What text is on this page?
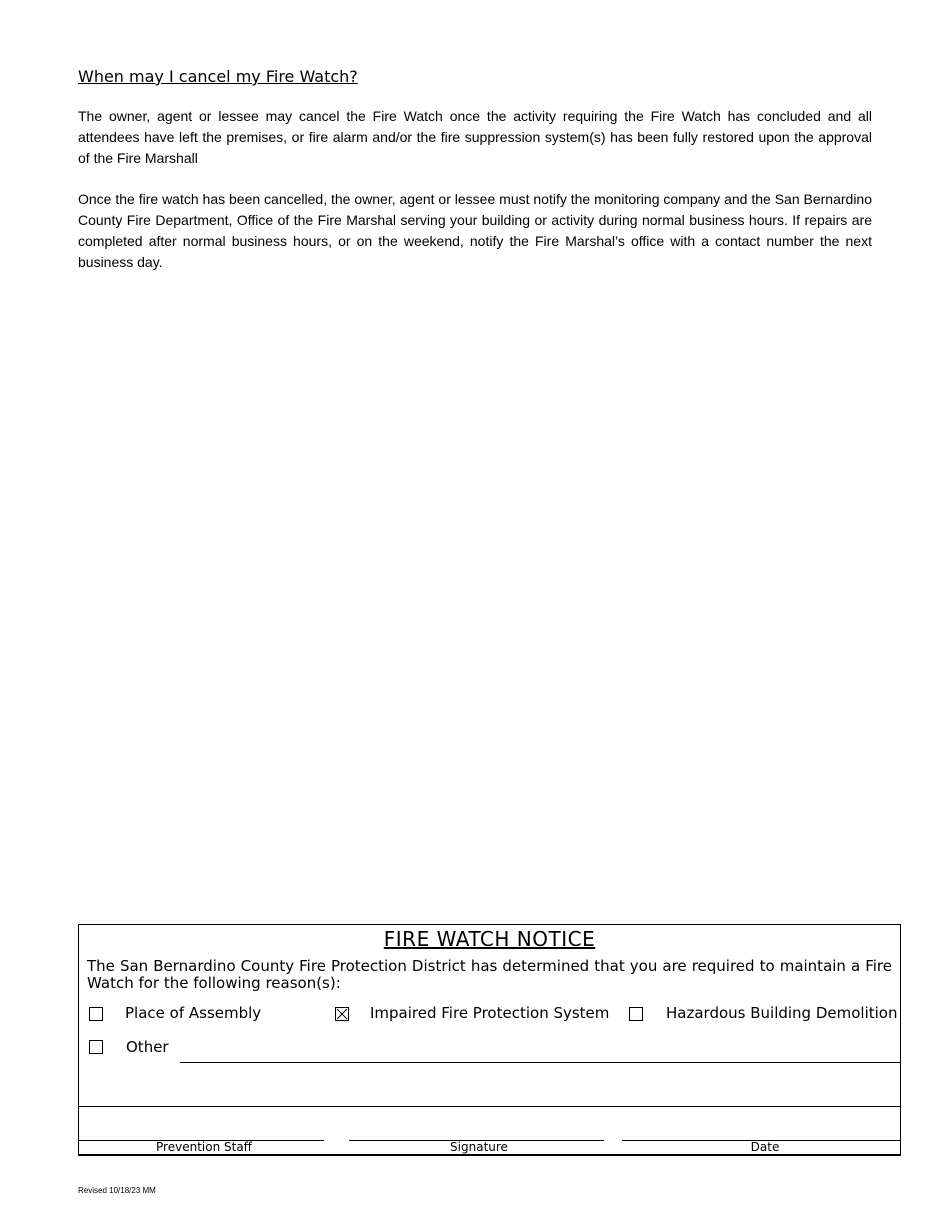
When may I cancel my Fire Watch?

The owner, agent or lessee may cancel the Fire Watch once the activity requiring the Fire Watch has concluded and all attendees have left the premises, or fire alarm and/or the fire suppression system(s) has been fully restored upon the approval of the Fire Marshall

Once the fire watch has been cancelled, the owner, agent or lessee must notify the monitoring company and the San Bernardino County Fire Department, Office of the Fire Marshal serving your building or activity during normal business hours. If repairs are completed after normal business hours, or on the weekend, notify the Fire Marshal’s office with a contact number the next business day.

FIRE WATCH NOTICE
The San Bernardino County Fire Protection District has determined that you are required to maintain a Fire Watch for the following reason(s):
Place of Assembly	Impaired Fire Protection System	Hazardous Building Demolition
Other
Prevention Staff	Signature	Date
Revised 10/18/23 MM
